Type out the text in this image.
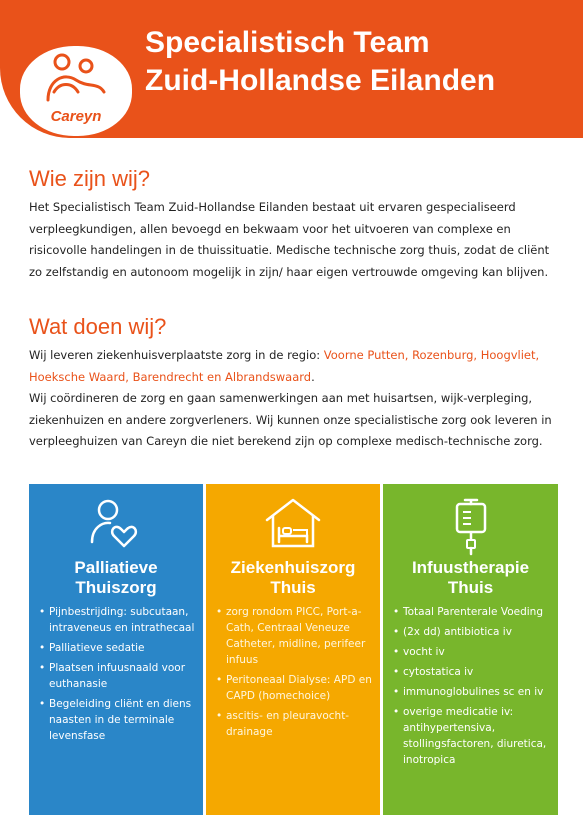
Specialistisch Team
Zuid-Hollandse Eilanden
Careyn
Wie zijn wij?

Het Specialistisch Team Zuid-Hollandse Eilanden bestaat uit ervaren gespecialiseerd verpleegkundigen, allen bevoegd en bekwaam voor het uitvoeren van complexe en risicovolle handelingen in de thuissituatie. Medische technische zorg thuis, zodat de cliënt zo zelfstandig en autonoom mogelijk in zijn/ haar eigen vertrouwde omgeving kan blijven.

Wat doen wij?

Wij leveren ziekenhuisverplaatste zorg in de regio: Voorne Putten, Rozenburg, Hoogvliet, Hoeksche Waard, Barendrecht en Albrandswaard.

Wij coördineren de zorg en gaan samenwerkingen aan met huisartsen, wijk-verpleging, ziekenhuizen en andere zorgverleners. Wij kunnen onze specialistische zorg ook leveren in verpleeghuizen van Careyn die niet berekend zijn op complexe medisch-technische zorg.

Palliatieve
Thuiszorg
• Pijnbestrijding: subcutaan, intraveneus en intrathecaal
• Palliatieve sedatie
• Plaatsen infuusnaald voor euthanasie
• Begeleiding cliënt en diens naasten in de terminale levensfase
Ziekenhuiszorg
Thuis
• zorg rondom PICC, Port-a-Cath, Centraal Veneuze Catheter, midline, perifeer infuus
• Peritoneaal Dialyse: APD en CAPD (homechoice)
• ascitis- en pleuravocht-drainage
Infuustherapie
Thuis
• Totaal Parenterale Voeding
• (2x dd) antibiotica iv
• vocht iv
• cytostatica iv
• immunoglobulines sc en iv
• overige medicatie iv: antihypertensiva, stollingsfactoren, diuretica, inotropica
